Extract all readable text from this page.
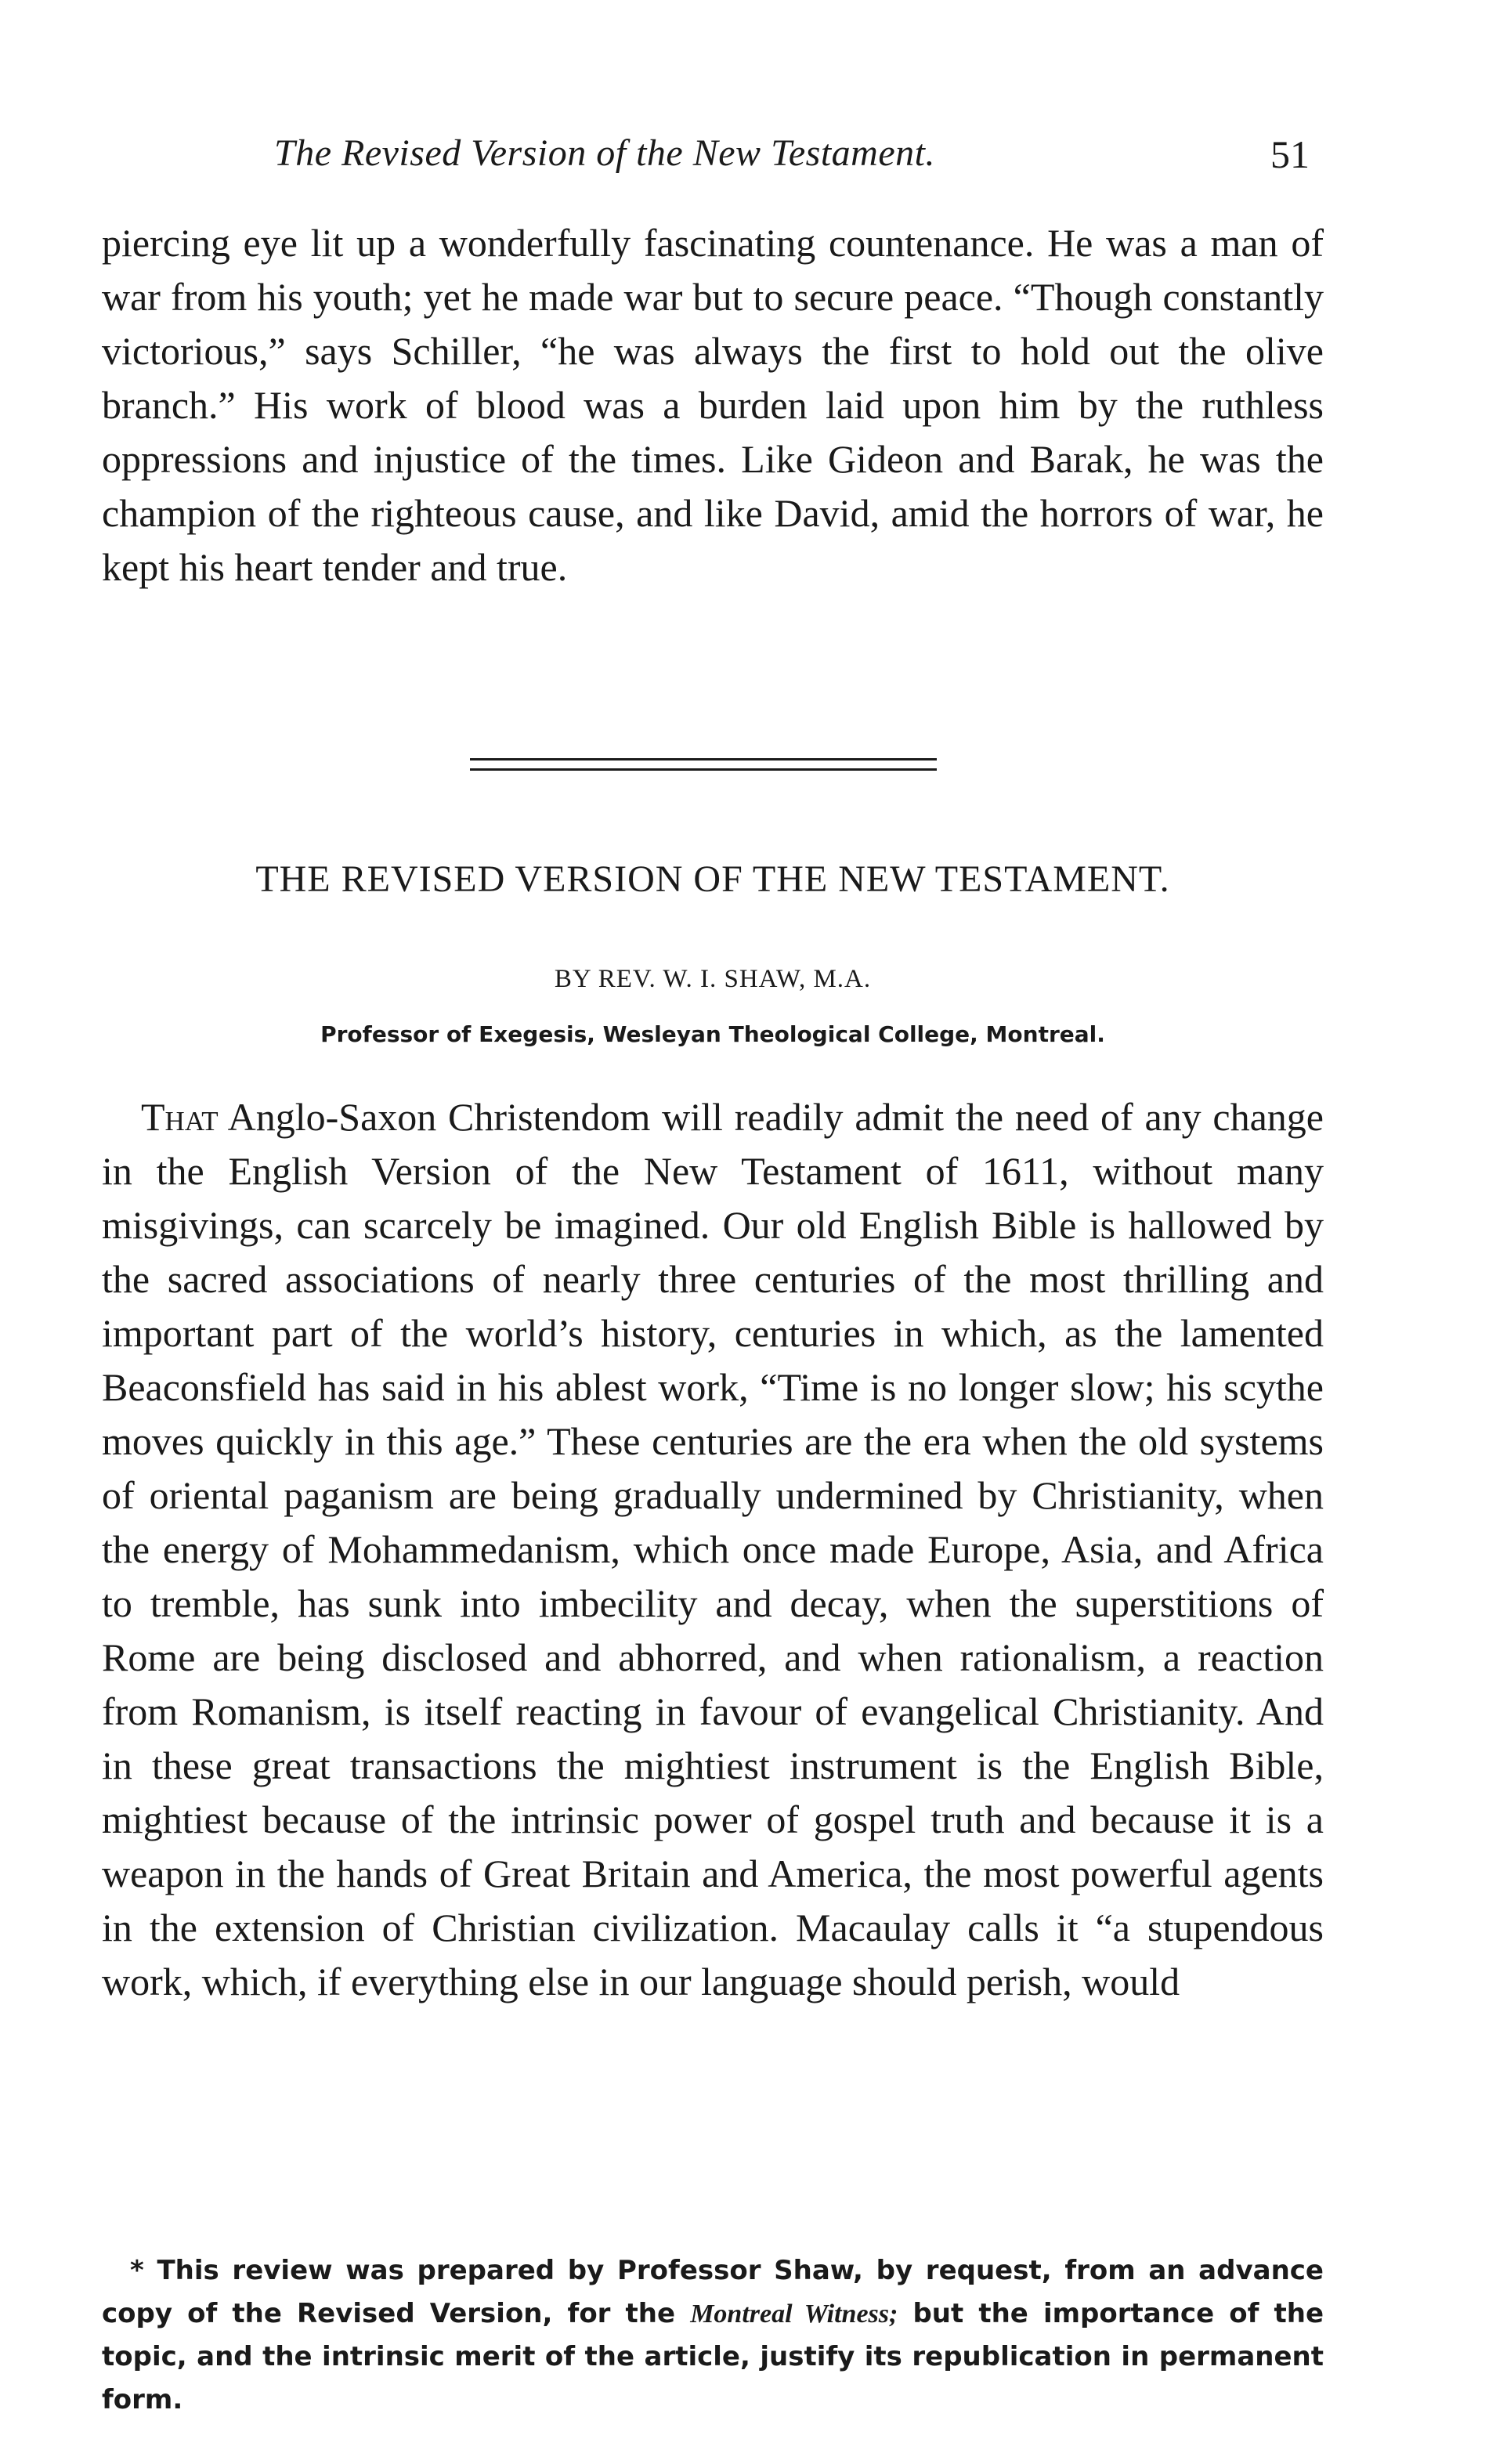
The Revised Version of the New Testament.	51

piercing eye lit up a wonderfully fascinating countenance. He was a man of war from his youth; yet he made war but to secure peace. “Though constantly victorious,” says Schiller, “he was always the first to hold out the olive branch.” His work of blood was a burden laid upon him by the ruthless oppressions and injustice of the times. Like Gideon and Barak, he was the champion of the righteous cause, and like David, amid the horrors of war, he kept his heart tender and true.

THE REVISED VERSION OF THE NEW TESTAMENT.
BY REV. W. I. SHAW, M.A.
Professor of Exegesis, Wesleyan Theological College, Montreal.

That Anglo-Saxon Christendom will readily admit the need of any change in the English Version of the New Testament of 1611, without many misgivings, can scarcely be imagined. Our old English Bible is hallowed by the sacred associations of nearly three centuries of the most thrilling and important part of the world’s history, centuries in which, as the lamented Beaconsfield has said in his ablest work, “Time is no longer slow; his scythe moves quickly in this age.” These centuries are the era when the old systems of oriental paganism are being gradually undermined by Christianity, when the energy of Mohammedanism, which once made Europe, Asia, and Africa to tremble, has sunk into imbecility and decay, when the superstitions of Rome are being disclosed and abhorred, and when rationalism, a reaction from Romanism, is itself reacting in favour of evangelical Christianity. And in these great transactions the mightiest instrument is the English Bible, mightiest because of the intrinsic power of gospel truth and because it is a weapon in the hands of Great Britain and America, the most powerful agents in the extension of Christian civilization. Macaulay calls it “a stupendous work, which, if everything else in our language should perish, would

* This review was prepared by Professor Shaw, by request, from an advance copy of the Revised Version, for the Montreal Witness; but the importance of the topic, and the intrinsic merit of the article, justify its republication in permanent form.
